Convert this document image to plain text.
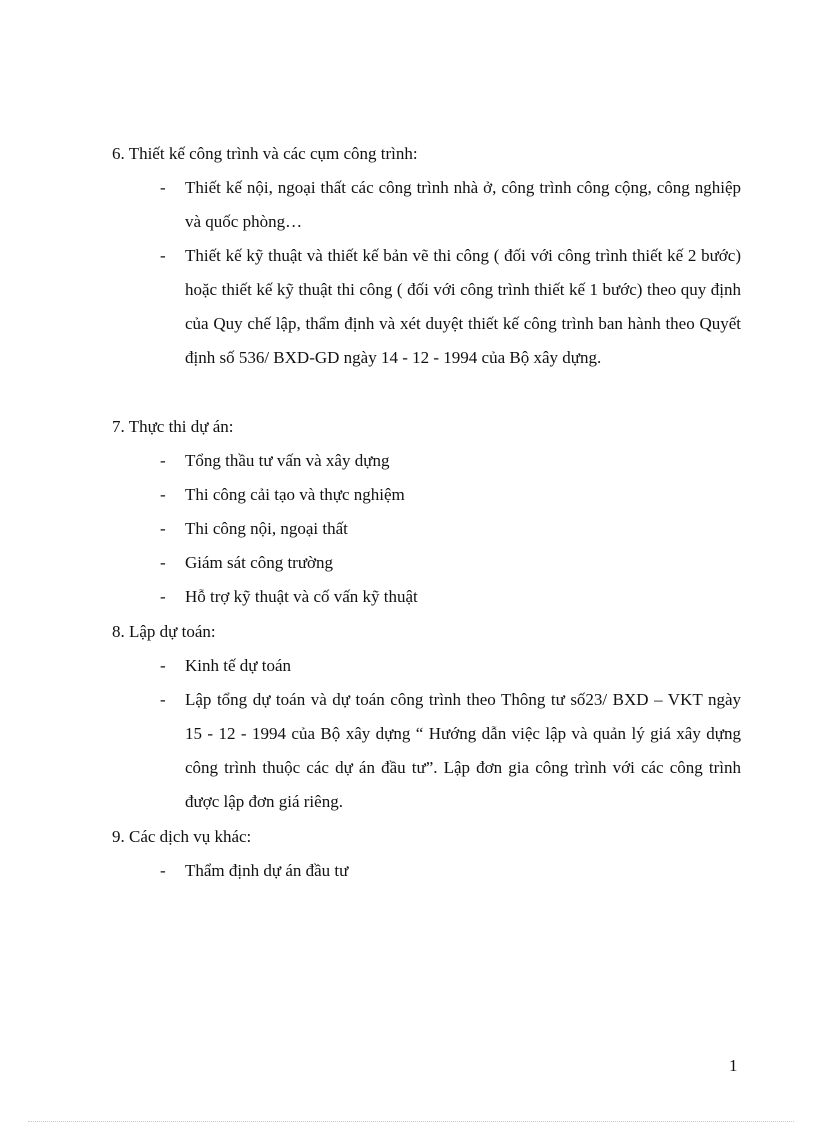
6. Thiết kế công trình và các cụm công trình:
- Thiết kế nội, ngoại thất các công trình nhà ở, công trình công cộng, công nghiệp và quốc phòng…
- Thiết kế kỹ thuật và thiết kế bản vẽ thi công ( đối với công trình thiết kế 2 bước) hoặc thiết kế kỹ thuật thi công ( đối với công trình thiết kế 1 bước) theo quy định của Quy chế lập, thẩm định và xét duyệt thiết kế công trình ban hành theo Quyết định số 536/ BXD-GD ngày 14 - 12 - 1994 của Bộ xây dựng.
7. Thực thi dự án:
- Tổng thầu tư vấn và xây dựng
- Thi công cải tạo và thực nghiệm
- Thi công nội, ngoại thất
- Giám sát công trường
- Hỗ trợ kỹ thuật và cố vấn kỹ thuật
8. Lập dự toán:
- Kinh tế dự toán
- Lập tổng dự toán và dự toán công trình theo Thông tư số23/ BXD – VKT ngày 15 - 12 - 1994 của Bộ xây dựng “ Hướng dẫn việc lập và quản lý giá xây dựng công trình thuộc các dự án đầu tư”. Lập đơn gia công trình với các công trình được lập đơn giá riêng.
9. Các dịch vụ khác:
- Thẩm định dự án đầu tư
1
